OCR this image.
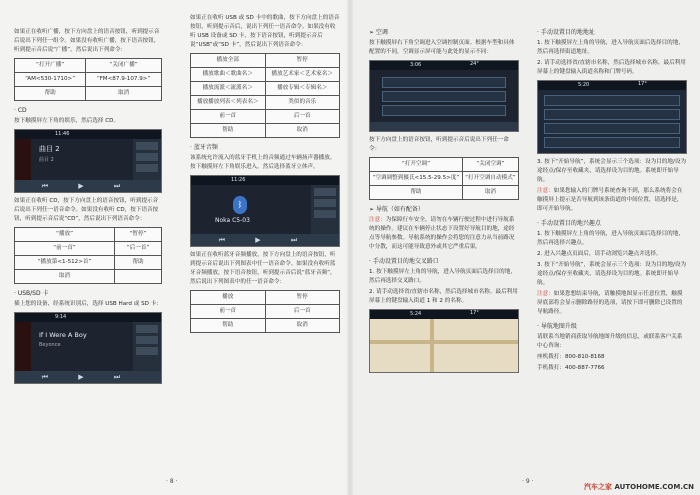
如果正在收听广播，按下方向盘上的语音按钮，听到提示音后说出下列任一组令。如果没有收听广播，按下语音按钮，听到提示音后说“广播”，然后说出下列命令：

“打开广播”	“关闭广播”
“AM<530-1710>”	“FM<87.9-107.9>”
帮助	取消
· CD

按下触摸屏左下角的娱乐，然后选择 CD。

11:46
曲目 2
曲目 2
⏮ ▶ ⏭

如果正在收听 CD，按下方向盘上的语音按钮，听到提示音后说出下列任一语音命令。如果没有收听 CD，按下语音按钮，听到提示音后说“CD”，然后说出下列语音命令：

“播放”	“暂停”
“前一首”	“后一首”
“播放第<1-512>首”	帮助
取消	
· USB/SD 卡

插上您的设备，经系统识别后，选择 USB Hard 或 SD 卡：

9:14
If I Were A Boy
Beyonce
⏮ ▶ ⏭

如果正在收听 USB 或 SD 卡中的歌曲，按下方向盘上的语音按钮，听到提示音后，说出下列任一语音命令。如果没有收听 USB 设备或 SD 卡，按下语音按钮，听到提示音后说“USB”或“SD 卡”，然后说出下列语音命令：

播放全部	暂停
播放歌曲＜歌曲名＞	播放艺术家＜艺术家名＞
播放流派＜流派名＞	播放专辑＜专辑名＞
播放播放列表＜列表名＞	类似的音乐
前一首	后一首
帮助	取消
· 蓝牙音频

该系统允许流入的蓝牙手机上的音频通过车辆扬声器播放。按下触摸屏左下角娱乐进入，然后选择蓝牙立体声。

11:26
ᛒ
Noka C5-03
⏮ ▶ ⏭

如果正在收听蓝牙音频播放，按下方向盘上的语音按钮，听到提示音后说出下列图表中任一语音命令。如果没有收听蓝牙音频播放，按下语音按钮，听到提示音后说“蓝牙音频”，然后说出下列图表中的任一语音命令：

播放	暂停
前一首	后一首
帮助	取消
· 8 ·
➢ 空调

按下触摸屏右下角空调进入空调控制页面。根据车型和具体配置的不同，空调显示屏可能与此处的显示不同：

3:06	24°

按下方向盘上的语音按钮，听到提示音后说出下列任一命令：

“打开空调”	“关闭空调”
“空调调整到摄氏<15.5-29.5>度”	“打开空调自动模式”
帮助	取消
➢ 导航（如有配备）

注意：为保障行车安全，请勿在车辆行驶过程中进行导航系统的操作。建议在车辆停止状态下设置好导航目的地，途经点等导航参数。导航系统的操作会将您的注意力从当前路况中分散，而这可能导致意外或其它严重后果。

· 手动设置目的地交叉路口

1. 按下触摸屏左上角的导航，进入导航页面后选择目的地，然后再选择交叉路口。

2. 请手动选择省/直辖市名称，然后选择城市名称。最后利用屏幕上的键盘输入街道 1 和 2 的名称。

5:24	17°
· 手动设置目的地地址

1. 按下触摸屏左上角的导航，进入导航页面后选择目的地，然后再选择街道地址。

2. 请手动选择省/直辖市名称，然后选择城市名称。最后利用屏幕上的键盘输入街道名称和门牌号码。

5:20	17°

3. 按下“开始导航”，系统会显示三个选项：设为目的地/设为途经点/保存至收藏夹，请选择设为目的地。系统即开始导航。

注意：如果您输入的门牌号系统查询不到，那么系统将会在触摸屏上提示是否导航到该条街道的中间位置，请选择是，即可开始导航。

· 手动设置目的地兴趣点

1. 按下触摸屏左上角的导航，进入导航页面后选择目的地，然后再选择兴趣点。

2. 进入兴趣点页面后，请手动浏览兴趣点并选择。

3. 按下“开始导航”，系统会显示三个选项：设为目的地/设为途经点/保存至收藏夹，请选择设为目的地。系统即开始导航。

注意：如果您想结束导航，请触摸地图显示任意位置，触摸屏底部将会显示删除路径的选项，请按下即可删除已设置的导航路径。

· 导航地图升级

请联系当地销商获取导航地图升级的信息，或联系客户关系中心咨询：

座机拨打：800-810-8168

手机拨打：400-887-7766

· 9 ·
汽车之家 AUTOHOME.COM.CN
